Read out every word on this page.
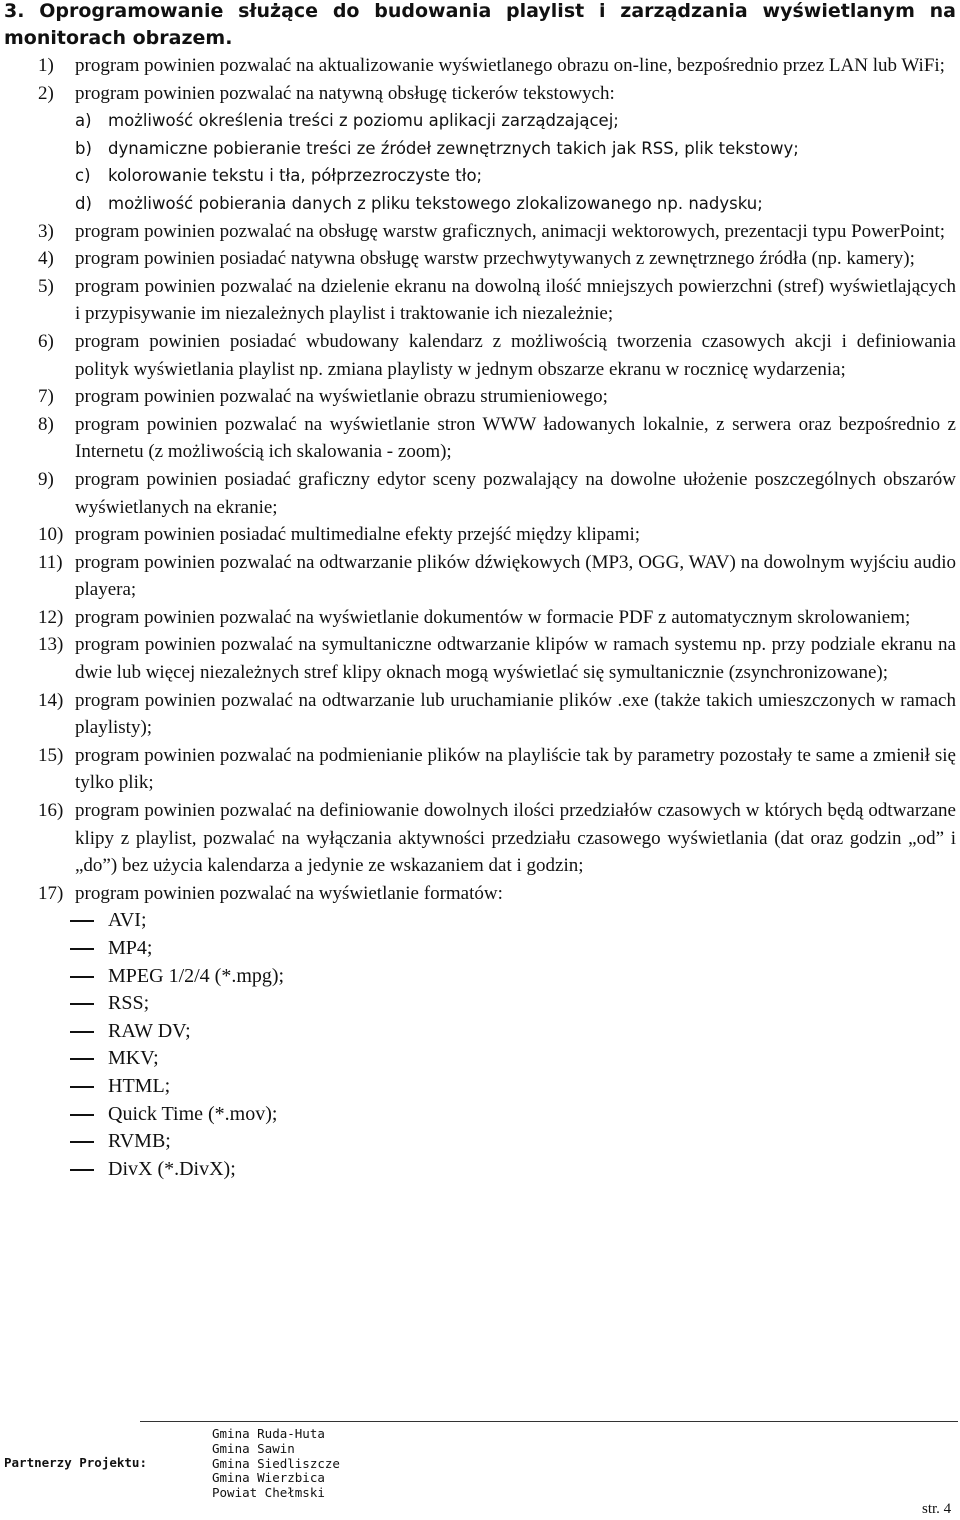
3. Oprogramowanie służące do budowania playlist i zarządzania wyświetlanym na monitorach obrazem.
1) program powinien pozwalać na aktualizowanie wyświetlanego obrazu on-line, bezpośrednio przez LAN lub WiFi;
2) program powinien pozwalać na natywną obsługę tickerów tekstowych:
a) możliwość określenia treści z poziomu aplikacji zarządzającej;
b) dynamiczne pobieranie treści ze źródeł zewnętrznych takich jak RSS, plik tekstowy;
c) kolorowanie tekstu i tła, półprzezroczyste tło;
d) możliwość pobierania danych z pliku tekstowego zlokalizowanego np. nadysku;
3) program powinien pozwalać na obsługę warstw graficznych, animacji wektorowych, prezentacji typu PowerPoint;
4) program powinien posiadać natywna obsługę warstw przechwytywanych z zewnętrznego źródła (np. kamery);
5) program powinien pozwalać na dzielenie ekranu na dowolną ilość mniejszych powierzchni (stref) wyświetlających i przypisywanie im niezależnych playlist i traktowanie ich niezależnie;
6) program powinien posiadać wbudowany kalendarz z możliwością tworzenia czasowych akcji i definiowania polityk wyświetlania playlist np. zmiana playlisty w jednym obszarze ekranu w rocznicę wydarzenia;
7) program powinien pozwalać na wyświetlanie obrazu strumieniowego;
8) program powinien pozwalać na wyświetlanie stron WWW ładowanych lokalnie, z serwera oraz bezpośrednio z Internetu (z możliwością ich skalowania - zoom);
9) program powinien posiadać graficzny edytor sceny pozwalający na dowolne ułożenie poszczególnych obszarów wyświetlanych na ekranie;
10) program powinien posiadać multimedialne efekty przejść między klipami;
11) program powinien pozwalać na odtwarzanie plików dźwiękowych (MP3, OGG, WAV) na dowolnym wyjściu audio playera;
12) program powinien pozwalać na wyświetlanie dokumentów w formacie PDF z automatycznym skrolowaniem;
13) program powinien pozwalać na symultaniczne odtwarzanie klipów w ramach systemu np. przy podziale ekranu na dwie lub więcej niezależnych stref klipy oknach mogą wyświetlać się symultanicznie (zsynchronizowane);
14) program powinien pozwalać na odtwarzanie lub uruchamianie plików .exe (także takich umieszczonych w ramach playlisty);
15) program powinien pozwalać na podmienianie plików na playliście tak by parametry pozostały te same a zmienił się tylko plik;
16) program powinien pozwalać na definiowanie dowolnych ilości przedziałów czasowych w których będą odtwarzane klipy z playlist, pozwalać na wyłączania aktywności przedziału czasowego wyświetlania (dat oraz godzin „od” i „do”) bez użycia kalendarza a jedynie ze wskazaniem dat i godzin;
17) program powinien pozwalać na wyświetlanie formatów:
AVI;
MP4;
MPEG 1/2/4 (*.mpg);
RSS;
RAW DV;
MKV;
HTML;
Quick Time (*.mov);
RVMB;
DivX (*.DivX);
Partnerzy Projektu:
Gmina Ruda-Huta
Gmina Sawin
Gmina Siedliszcze
Gmina Wierzbica
Powiat Chełmski
str. 4
